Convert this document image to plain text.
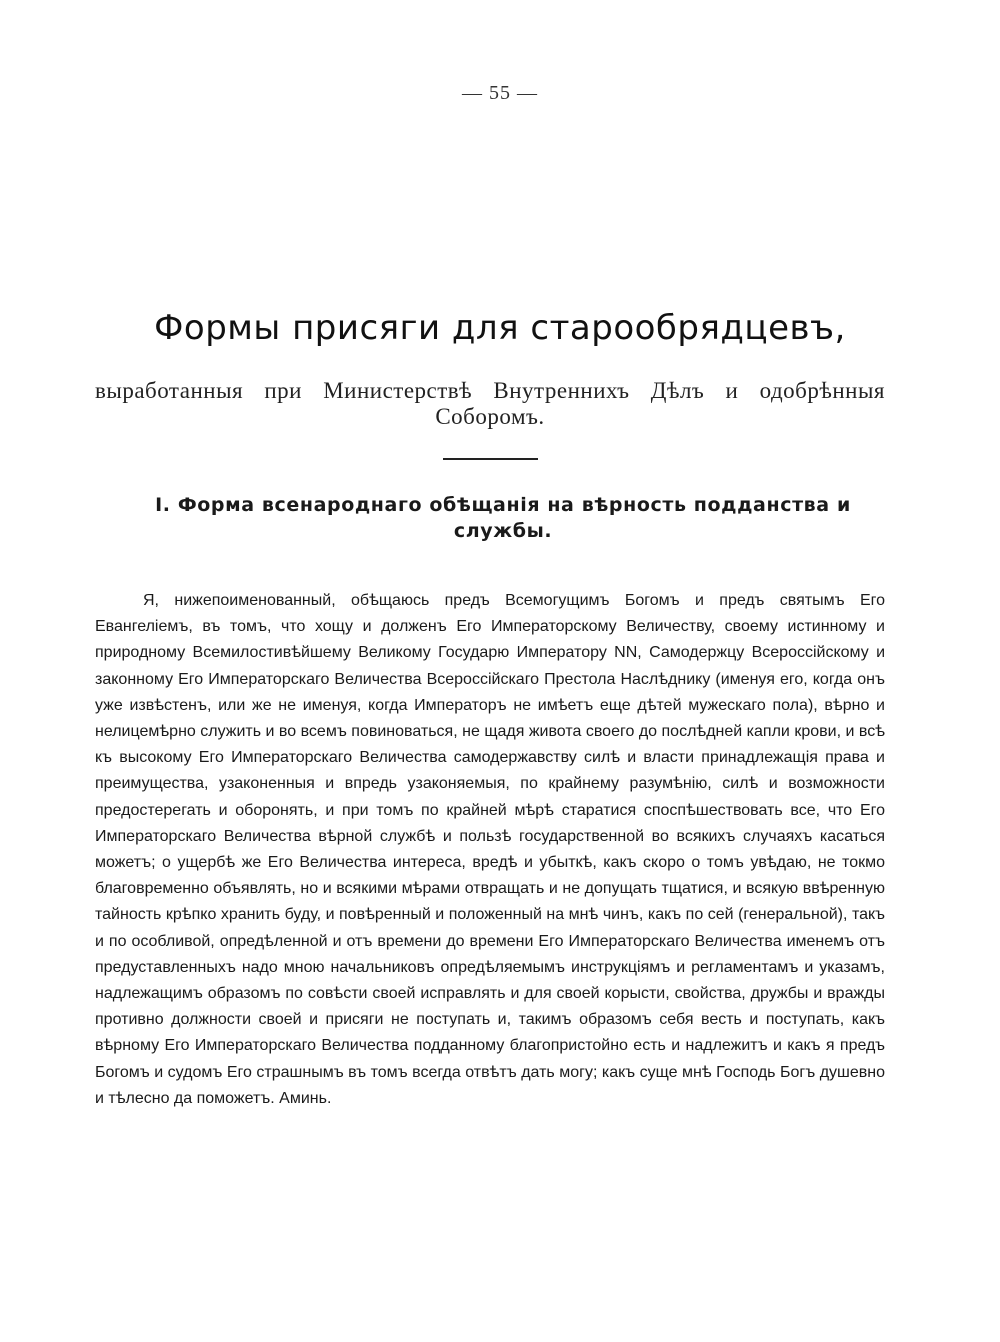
— 55 —
Формы присяги для старообрядцевъ,
выработанныя при Министерствѣ Внутреннихъ Дѣлъ и одобрѣнныя Соборомъ.
I. Форма всенароднаго обѣщанія на вѣрность подданства и службы.

Я, нижепоименованный, обѣщаюсь предъ Всемогущимъ Богомъ и предъ святымъ Его Евангеліемъ, въ томъ, что хощу и долженъ Его Императорскому Величеству, своему истинному и природному Всемилостивѣйшему Великому Государю Императору NN, Самодержцу Всероссійскому и законному Его Императорскаго Величества Всероссійскаго Престола Наслѣднику (именуя его, когда онъ уже извѣстенъ, или же не именуя, когда Императоръ не имѣетъ еще дѣтей мужескаго пола), вѣрно и нелицемѣрно служить и во всемъ повиноваться, не щадя живота своего до послѣдней капли крови, и всѣ къ высокому Его Императорскаго Величества самодержавству силѣ и власти принадлежащія права и преимущества, узаконенныя и впредь узаконяемыя, по крайнему разумѣнію, силѣ и возможности предостерегать и оборонять, и при томъ по крайней мѣрѣ старатися споспѣшествовать все, что Его Императорскаго Величества вѣрной службѣ и пользѣ государственной во всякихъ случаяхъ касаться можетъ; о ущербѣ же Его Величества интереса, вредѣ и убыткѣ, какъ скоро о томъ увѣдаю, не токмо благовременно объявлять, но и всякими мѣрами отвращать и не допущать тщатися, и всякую ввѣренную тайность крѣпко хранить буду, и повѣренный и положенный на мнѣ чинъ, какъ по сей (генеральной), такъ и по особливой, опредѣленной и отъ времени до времени Его Императорскаго Величества именемъ отъ предуставленныхъ надо мною начальниковъ опредѣляемымъ инструкціямъ и регламентамъ и указамъ, надлежащимъ образомъ по совѣсти своей исправлять и для своей корысти, свойства, дружбы и вражды противно должности своей и присяги не поступать и, такимъ образомъ себя весть и поступать, какъ вѣрному Его Императорскаго Величества подданному благопристойно есть и надлежитъ и какъ я предъ Богомъ и судомъ Его страшнымъ въ томъ всегда отвѣтъ дать могу; какъ суще мнѣ Господь Богъ душевно и тѣлесно да поможетъ. Аминь.
